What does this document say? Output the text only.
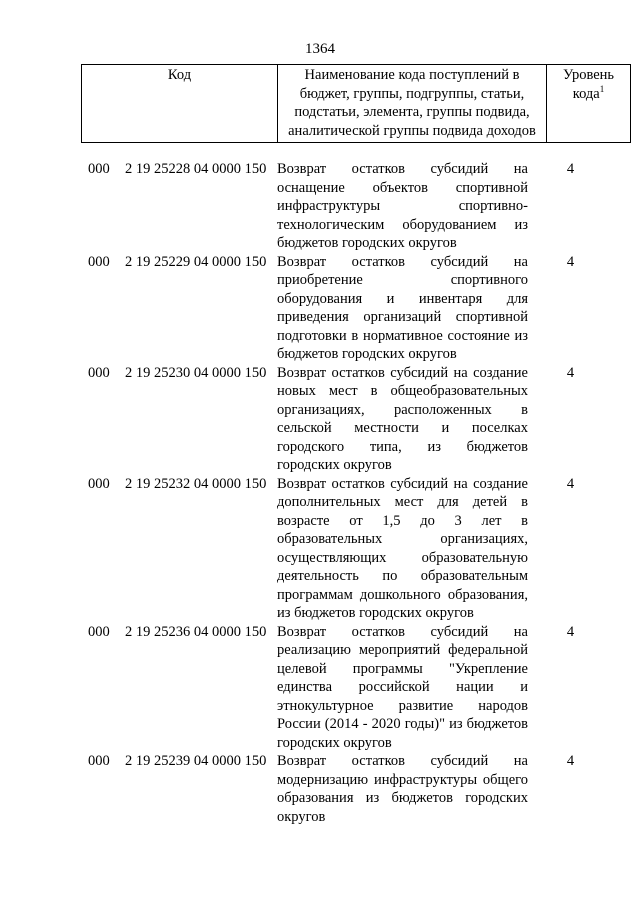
1364
Код	Наименование кода поступлений в бюджет, группы, подгруппы, статьи, подстатьи, элемента, группы подвида, аналитической группы подвида доходов	Уровень кода$^1$
000	2 19 25228 04 0000 150 Возврат остатков субсидий на оснащение объектов спортивной инфраструктуры спортивно-технологическим оборудованием из бюджетов городских округов
4
000	2 19 25229 04 0000 150 Возврат остатков субсидий на приобретение спортивного оборудования и инвентаря для приведения организаций спортивной подготовки в нормативное состояние из бюджетов городских округов
4
000	2 19 25230 04 0000 150 Возврат остатков субсидий на создание новых мест в общеобразовательных организациях, расположенных в сельской местности и поселках городского типа, из бюджетов городских округов
4
000	2 19 25232 04 0000 150 Возврат остатков субсидий на создание дополнительных мест для детей в возрасте от 1,5 до 3 лет в образовательных организациях, осуществляющих образовательную деятельность по образовательным программам дошкольного образования, из бюджетов городских округов
4
000	2 19 25236 04 0000 150 Возврат остатков субсидий на реализацию мероприятий федеральной целевой программы "Укрепление единства российской нации и этнокультурное развитие народов России (2014 - 2020 годы)" из бюджетов городских округов
4
000	2 19 25239 04 0000 150 Возврат остатков субсидий на модернизацию инфраструктуры общего образования из бюджетов городских округов
4
